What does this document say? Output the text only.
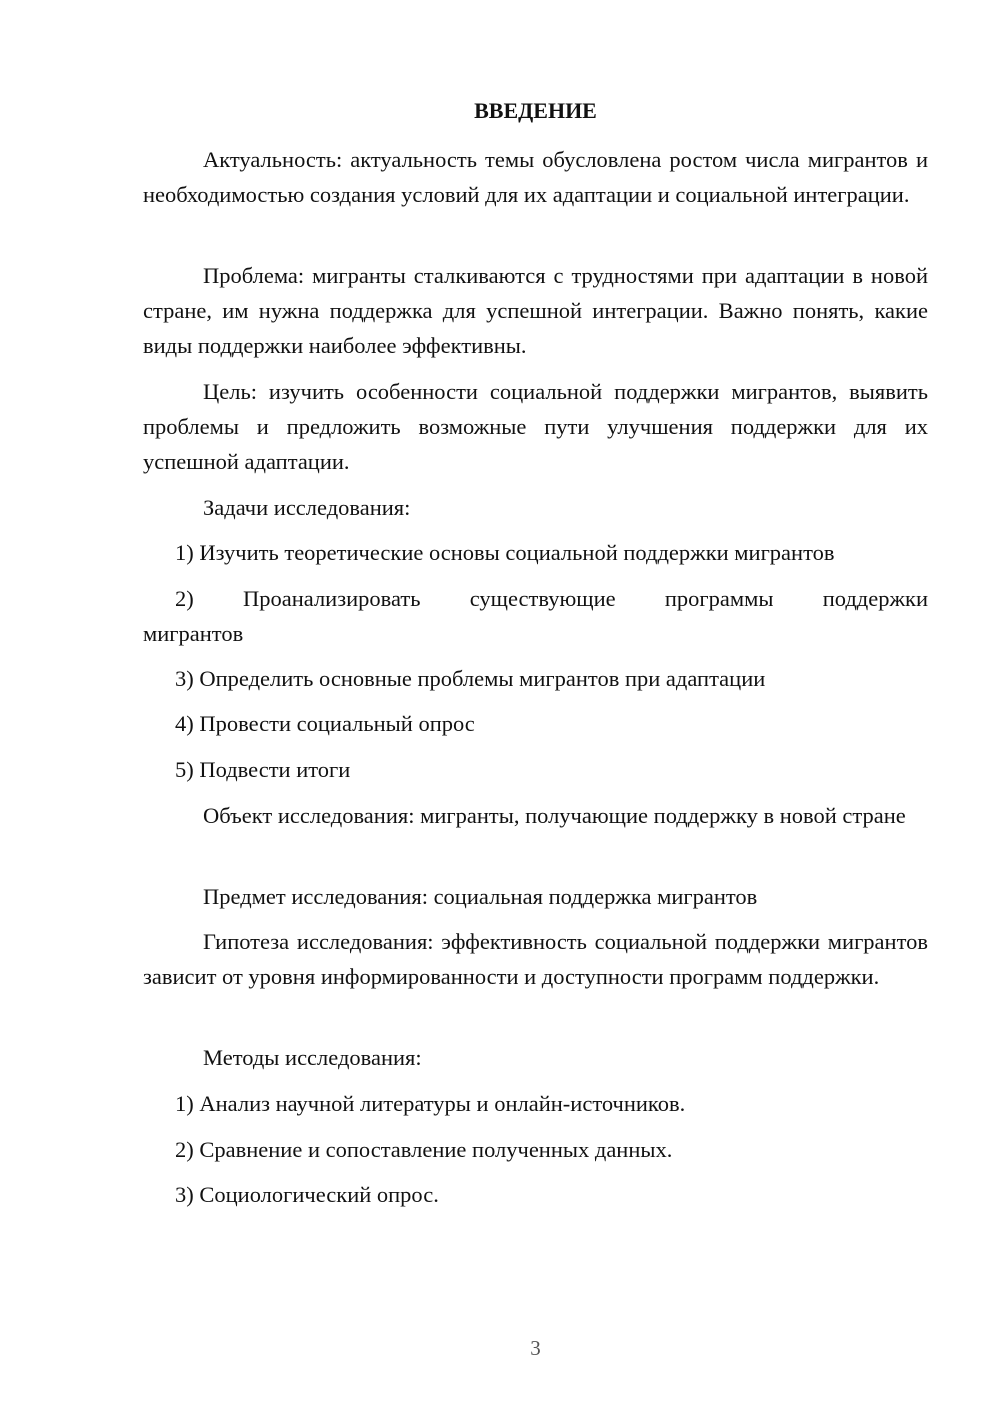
ВВЕДЕНИЕ

Актуальность: актуальность темы обусловлена ростом числа мигрантов и необходимостью создания условий для их адаптации и социальной интеграции.

Проблема: мигранты сталкиваются с трудностями при адаптации в новой стране, им нужна поддержка для успешной интеграции. Важно понять, какие виды поддержки наиболее эффективны.

Цель: изучить особенности социальной поддержки мигрантов, выявить проблемы и предложить возможные пути улучшения поддержки для их успешной адаптации.

Задачи исследования:

1) Изучить теоретические основы социальной поддержки мигрантов

2) Проанализировать существующие программы поддержки мигрантов

3) Определить основные проблемы мигрантов при адаптации

4) Провести социальный опрос

5) Подвести итоги

Объект исследования: мигранты, получающие поддержку в новой стране

Предмет исследования: социальная поддержка мигрантов

Гипотеза исследования: эффективность социальной поддержки мигрантов зависит от уровня информированности и доступности программ поддержки.

Методы исследования:

1) Анализ научной литературы и онлайн-источников.

2) Сравнение и сопоставление полученных данных.

3) Социологический опрос.

3
